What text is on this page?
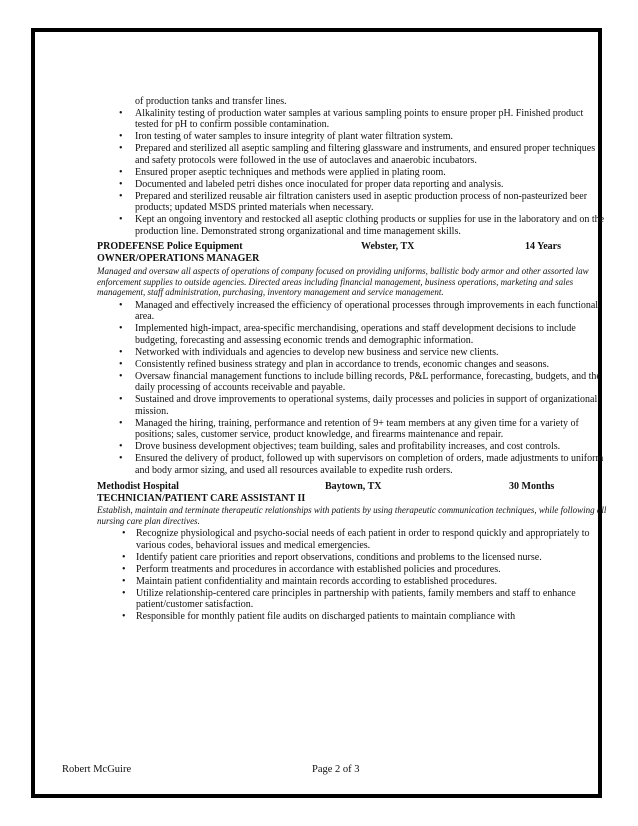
of production tanks and transfer lines.
• Alkalinity testing of production water samples at various sampling points to ensure proper pH. Finished product tested for pH to confirm possible contamination.
• Iron testing of water samples to insure integrity of plant water filtration system.
• Prepared and sterilized all aseptic sampling and filtering glassware and instruments, and ensured proper techniques and safety protocols were followed in the use of autoclaves and anaerobic incubators.
• Ensured proper aseptic techniques and methods were applied in plating room.
• Documented and labeled petri dishes once inoculated for proper data reporting and analysis.
• Prepared and sterilized reusable air filtration canisters used in aseptic production process of non-pasteurized beer products; updated MSDS printed materials when necessary.
• Kept an ongoing inventory and restocked all aseptic clothing products or supplies for use in the laboratory and on the production line. Demonstrated strong organizational and time management skills.
PRODEFENSE Police Equipment	Webster, TX	14 Years
OWNER/OPERATIONS MANAGER
Managed and oversaw all aspects of operations of company focused on providing uniforms, ballistic body armor and other assorted law enforcement supplies to outside agencies. Directed areas including financial management, business operations, marketing and sales management, staff administration, purchasing, inventory management and service management.
• Managed and effectively increased the efficiency of operational processes through improvements in each functional area.
• Implemented high-impact, area-specific merchandising, operations and staff development decisions to include budgeting, forecasting and assessing economic trends and demographic information.
• Networked with individuals and agencies to develop new business and service new clients.
• Consistently refined business strategy and plan in accordance to trends, economic changes and seasons.
• Oversaw financial management functions to include billing records, P&L performance, forecasting, budgets, and the daily processing of accounts receivable and payable.
• Sustained and drove improvements to operational systems, daily processes and policies in support of organizational mission.
• Managed the hiring, training, performance and retention of 9+ team members at any given time for a variety of positions; sales, customer service, product knowledge, and firearms maintenance and repair.
• Drove business development objectives; team building, sales and profitability increases, and cost controls.
• Ensured the delivery of product, followed up with supervisors on completion of orders, made adjustments to uniform and body armor sizing, and used all resources available to expedite rush orders.
Methodist Hospital	Baytown, TX	30 Months
TECHNICIAN/PATIENT CARE ASSISTANT II
Establish, maintain and terminate therapeutic relationships with patients by using therapeutic communication techniques, while following all nursing care plan directives.
• Recognize physiological and psycho-social needs of each patient in order to respond quickly and appropriately to various codes, behavioral issues and medical emergencies.
• Identify patient care priorities and report observations, conditions and problems to the licensed nurse.
• Perform treatments and procedures in accordance with established policies and procedures.
• Maintain patient confidentiality and maintain records according to established procedures.
• Utilize relationship-centered care principles in partnership with patients, family members and staff to enhance patient/customer satisfaction.
• Responsible for monthly patient file audits on discharged patients to maintain compliance with
Robert McGuire	Page 2 of 3
